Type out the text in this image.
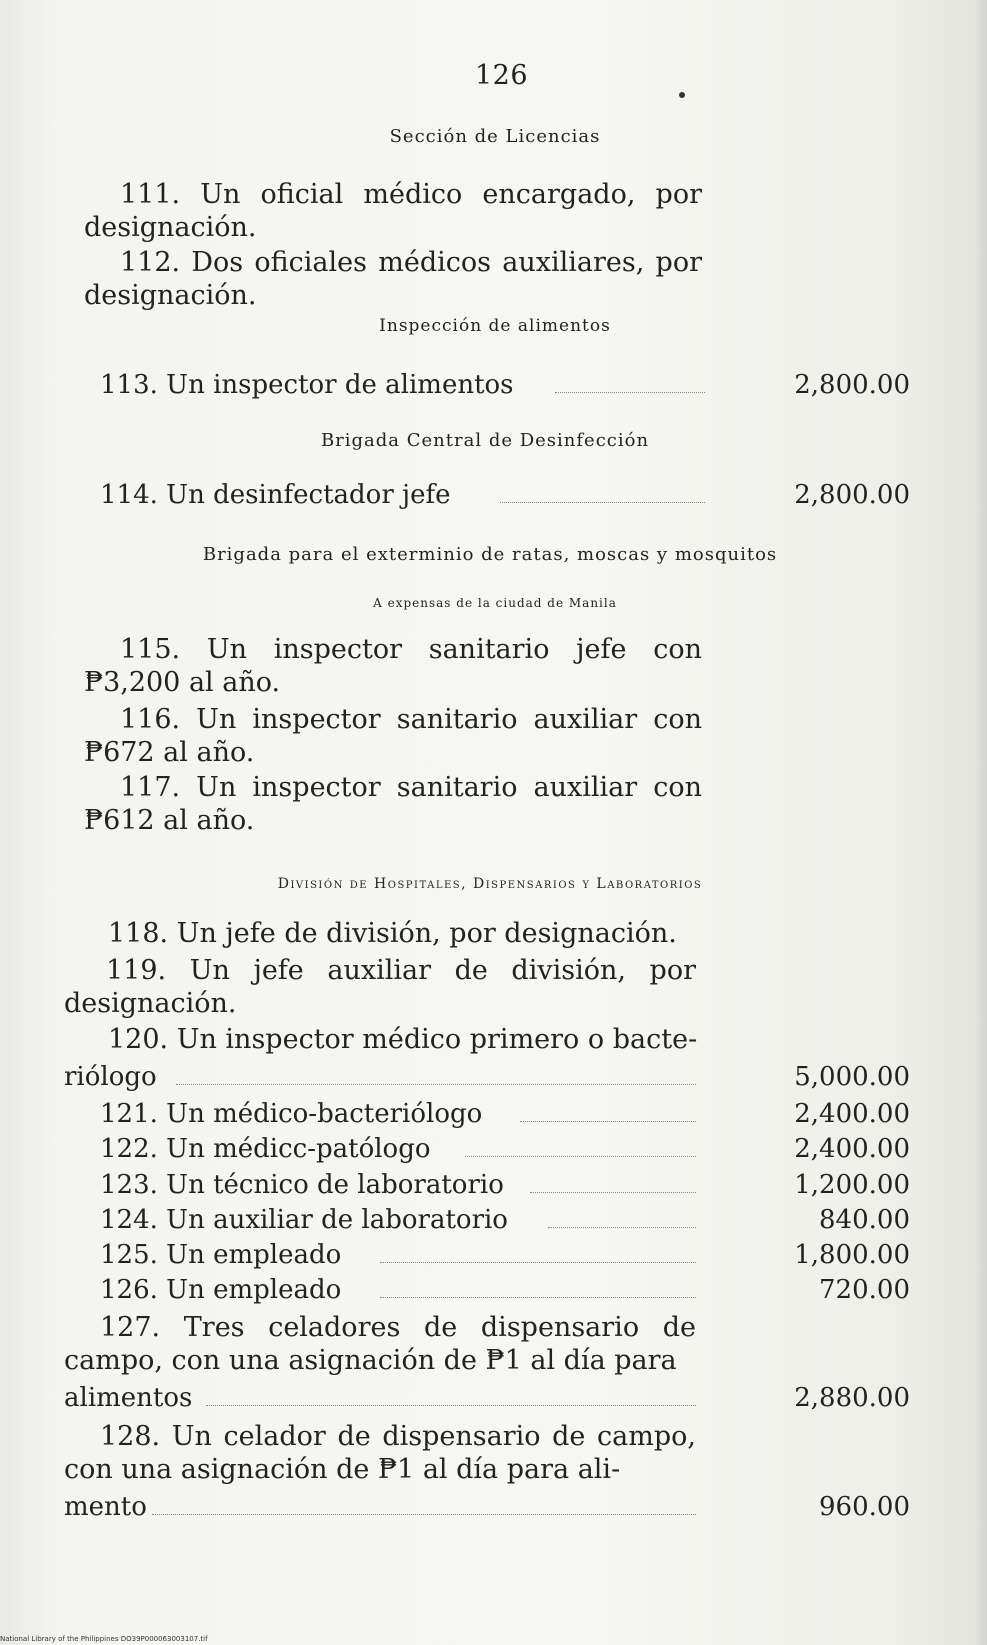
126
Sección de Licencias
111. Un oficial médico encargado, por designación.
112. Dos oficiales médicos auxiliares, por designación.
Inspección de alimentos
113. Un inspector de alimentos	2,800.00
Brigada Central de Desinfección
114. Un desinfectador jefe	2,800.00
Brigada para el exterminio de ratas, moscas y mosquitos
A expensas de la ciudad de Manila
115. Un inspector sanitario jefe con ₱3,200 al año.
116. Un inspector sanitario auxiliar con ₱672 al año.
117. Un inspector sanitario auxiliar con ₱612 al año.
División de Hospitales, Dispensarios y Laboratorios
118. Un jefe de división, por designación.
119. Un jefe auxiliar de división, por designación.
120. Un inspector médico primero o bacte-
riólogo	5,000.00
121. Un médico-bacteriólogo	2,400.00
122. Un médicc-patólogo	2,400.00
123. Un técnico de laboratorio	1,200.00
124. Un auxiliar de laboratorio	840.00
125. Un empleado	1,800.00
126. Un empleado	720.00
127. Tres celadores de dispensario de campo, con una asignación de ₱1 al día para
alimentos	2,880.00
128. Un celador de dispensario de campo, con una asignación de ₱1 al día para ali-
mento	960.00
National Library of the Philippines DO39P000063003107.tif
